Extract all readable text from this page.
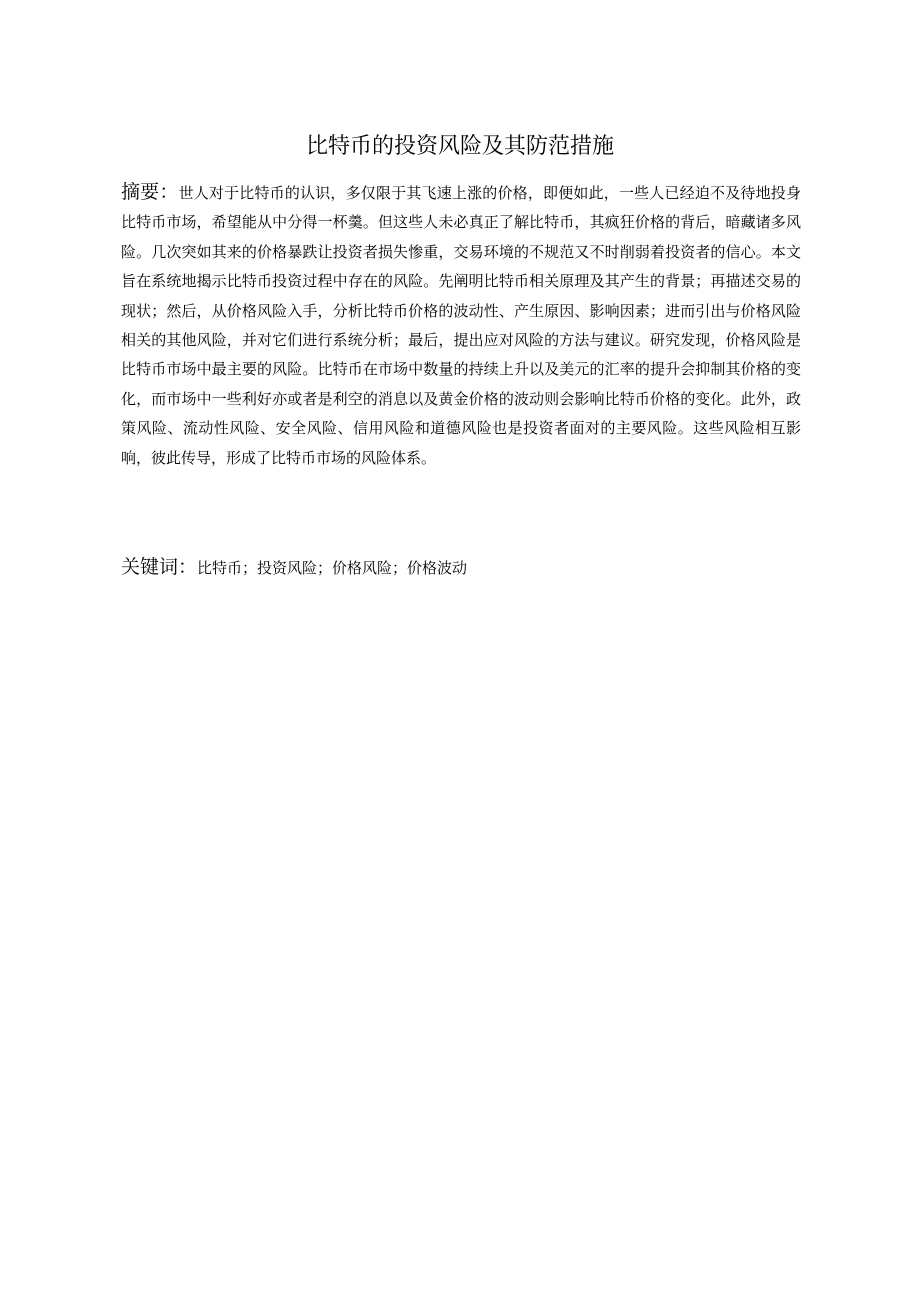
比特币的投资风险及其防范措施

摘要：世人对于比特币的认识，多仅限于其飞速上涨的价格，即便如此，一些人已经迫不及待地投身比特币市场，希望能从中分得一杯羹。但这些人未必真正了解比特币，其疯狂价格的背后，暗藏诸多风险。几次突如其来的价格暴跌让投资者损失惨重，交易环境的不规范又不时削弱着投资者的信心。本文旨在系统地揭示比特币投资过程中存在的风险。先阐明比特币相关原理及其产生的背景；再描述交易的现状；然后，从价格风险入手，分析比特币价格的波动性、产生原因、影响因素；进而引出与价格风险相关的其他风险，并对它们进行系统分析；最后，提出应对风险的方法与建议。研究发现，价格风险是比特币市场中最主要的风险。比特币在市场中数量的持续上升以及美元的汇率的提升会抑制其价格的变化，而市场中一些利好亦或者是利空的消息以及黄金价格的波动则会影响比特币价格的变化。此外，政策风险、流动性风险、安全风险、信用风险和道德风险也是投资者面对的主要风险。这些风险相互影响，彼此传导，形成了比特币市场的风险体系。

关键词：比特币；投资风险；价格风险；价格波动
